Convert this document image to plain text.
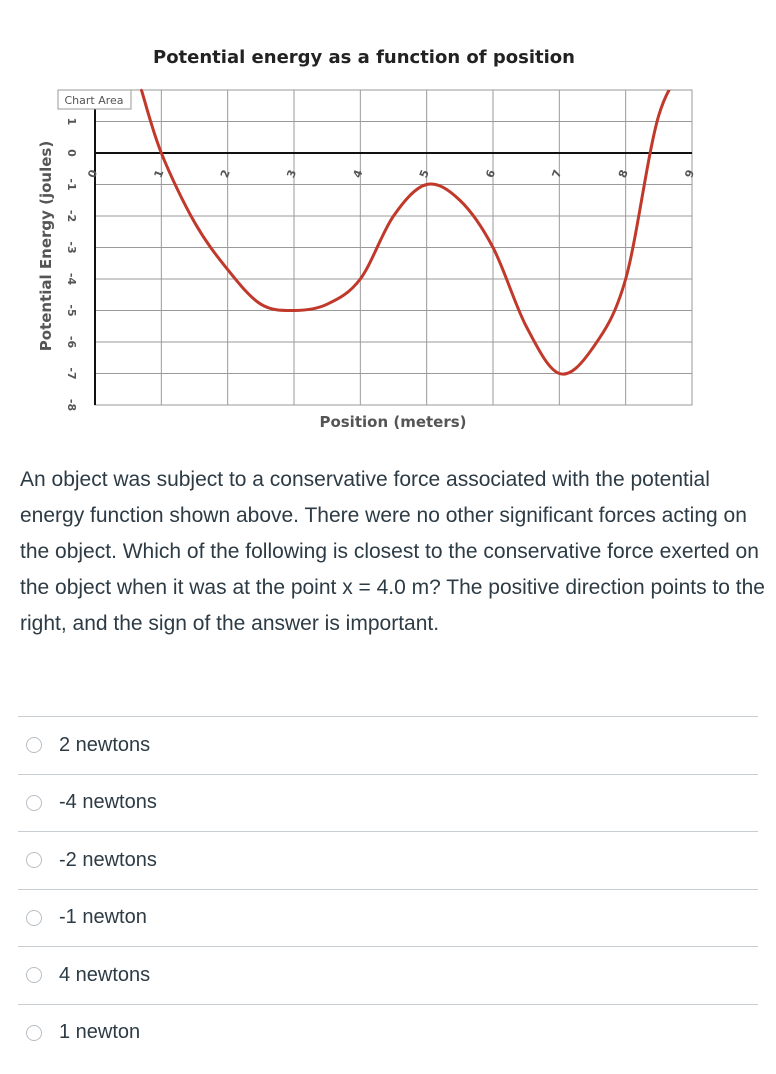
Potential energy as a function of position
0	1	2	3	4	5	6	7	8	9
1
0
-1
-2
-3
-4
-5
-6
-7
-8
Position (meters)
Potential Energy (joules)
Chart Area
An object was subject to a conservative force associated with the potential energy function shown above. There were no other significant forces acting on the object. Which of the following is closest to the conservative force exerted on the object when it was at the point x = 4.0 m? The positive direction points to the right, and the sign of the answer is important.
2 newtons
-4 newtons
-2 newtons
-1 newton
4 newtons
1 newton
